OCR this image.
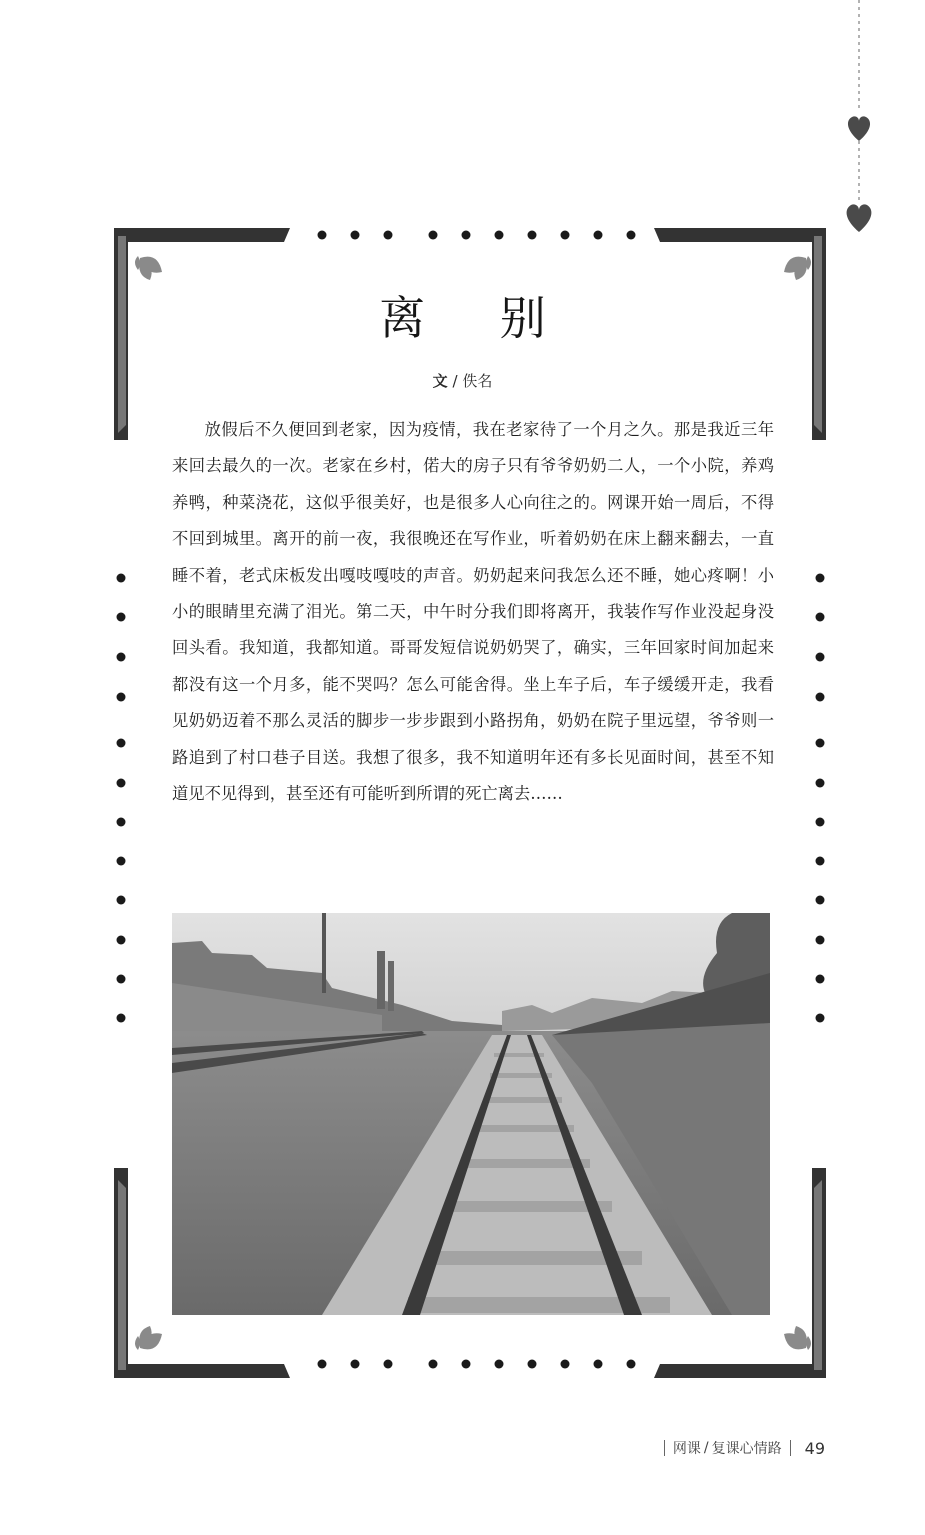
离 别
文 / 佚名

放假后不久便回到老家，因为疫情，我在老家待了一个月之久。那是我近三年来回去最久的一次。老家在乡村，偌大的房子只有爷爷奶奶二人，一个小院，养鸡养鸭，种菜浇花，这似乎很美好，也是很多人心向往之的。网课开始一周后，不得不回到城里。离开的前一夜，我很晚还在写作业，听着奶奶在床上翻来翻去，一直睡不着，老式床板发出嘎吱嘎吱的声音。奶奶起来问我怎么还不睡，她心疼啊！小小的眼睛里充满了泪光。第二天，中午时分我们即将离开，我装作写作业没起身没回头看。我知道，我都知道。哥哥发短信说奶奶哭了，确实，三年回家时间加起来都没有这一个月多，能不哭吗？怎么可能舍得。坐上车子后，车子缓缓开走，我看见奶奶迈着不那么灵活的脚步一步步跟到小路拐角，奶奶在院子里远望，爷爷则一路追到了村口巷子目送。我想了很多，我不知道明年还有多长见面时间，甚至不知道见不见得到，甚至还有可能听到所谓的死亡离去……

网课 / 复课心情路 49
